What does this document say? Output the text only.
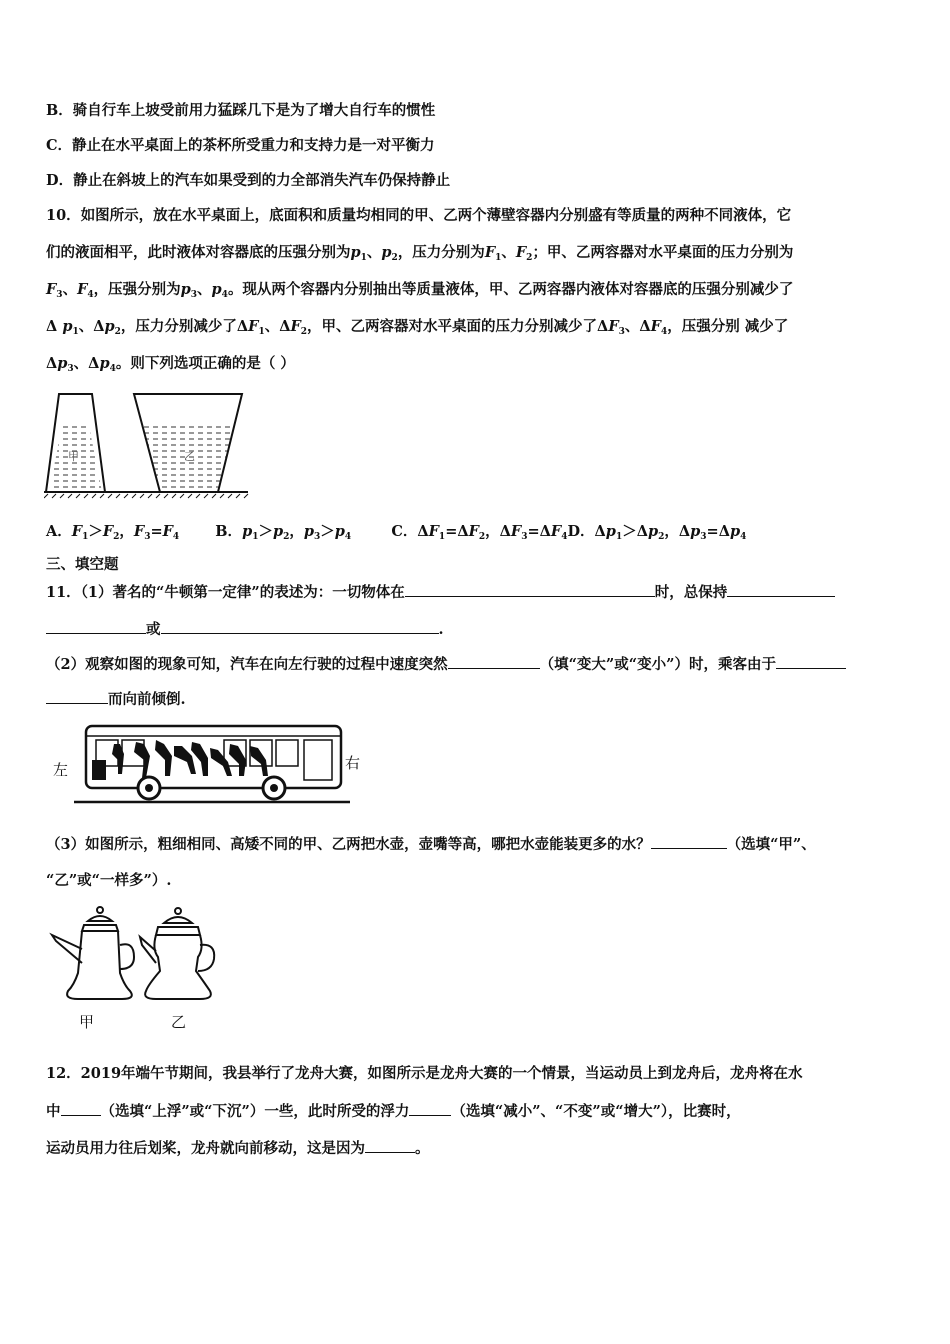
B．骑自行车上坡受前用力猛踩几下是为了增大自行车的惯性
C．静止在水平桌面上的茶杯所受重力和支持力是一对平衡力
D．静止在斜坡上的汽车如果受到的力全部消失汽车仍保持静止
10．如图所示，放在水平桌面上，底面积和质量均相同的甲、乙两个薄壁容器内分别盛有等质量的两种不同液体，它
们的液面相平，此时液体对容器底的压强分别为$p_1$、$p_2$，压力分别为$F_1$、$F_2$；甲、乙两容器对水平桌面的压力分别为
$F_3$、$F_4$，压强分别为$p_3$、$p_4$。现从两个容器内分别抽出等质量液体，甲、乙两容器内液体对容器底的压强分别减少了
Δ $p_1$、$\Delta p_2$，压力分别减少了$\Delta F_1$、$\Delta F_2$，甲、乙两容器对水平桌面的压力分别减少了$\Delta F_3$、$\Delta F_4$，压强分别 减少了
$\Delta p_3$、$\Delta p_4$。则下列选项正确的是（ ）
甲	乙
A．$F_1>F_2$，$F_3=F_4$ B．$p_1>p_2$，$p_3>p_4$	C．$\Delta F_1=\Delta F_2$，$\Delta F_3=\Delta F_4D$．$\Delta p_1>\Delta p_2$，$\Delta p_3=\Delta p_4$
三、填空题
11．（1）著名的“牛顿第一定律”的表述为：一切物体在	时，总保持
或	.
（2）观察如图的现象可知，汽车在向左行驶的过程中速度突然	（填“变大”或“变小”）时，乘客由于
而向前倾倒.
左	右
（3）如图所示，粗细相同、高矮不同的甲、乙两把水壶，壶嘴等高，哪把水壶能装更多的水？	（选填“甲”、
“乙”或“一样多”）.
甲	乙
12．2019年端午节期间，我县举行了龙舟大赛，如图所示是龙舟大赛的一个情景，当运动员上到龙舟后，龙舟将在水
中	（选填“上浮”或“下沉”）一些，此时所受的浮力	（选填“减小”、“不变”或“增大”），比赛时，
运动员用力往后划桨，龙舟就向前移动，这是因为	。
